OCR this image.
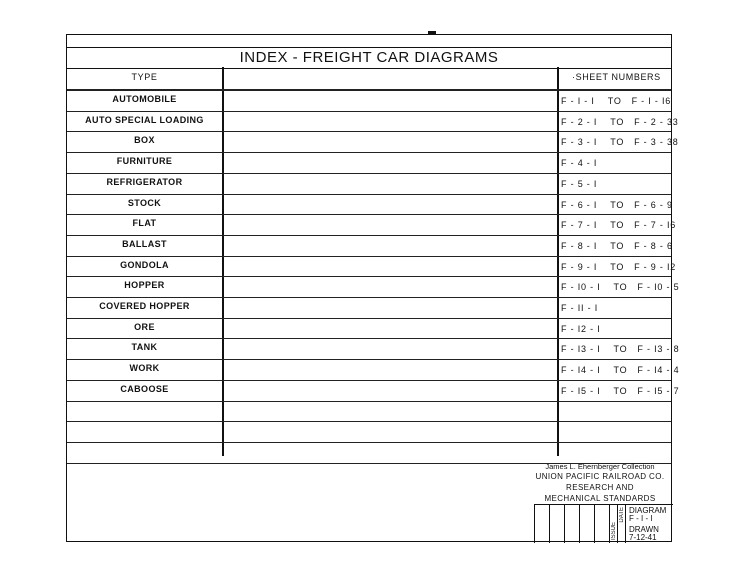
INDEX - FREIGHT CAR DIAGRAMS
TYPE	·SHEET NUMBERS
AUTOMOBILE	F - I - I    TO   F - I - I6
AUTO SPECIAL LOADING	F - 2 - I    TO   F - 2 - 33
BOX	F - 3 - I    TO   F - 3 - 38
FURNITURE	F - 4 - I
REFRIGERATOR	F - 5 - I
STOCK	F - 6 - I    TO   F - 6 - 9
FLAT	F - 7 - I    TO   F - 7 - I6
BALLAST	F - 8 - I    TO   F - 8 - 6
GONDOLA	F - 9 - I    TO   F - 9 - I2
HOPPER	F - I0 - I    TO   F - I0 - 5
COVERED HOPPER	F - II - I
ORE	F - I2 - I
TANK	F - I3 - I    TO   F - I3 - 8
WORK	F - I4 - I    TO   F - I4 - 4
CABOOSE	F - I5 - I    TO   F - I5 - 7
James L. Ehernberger Collection
UNION PACIFIC RAILROAD CO.
RESEARCH AND
MECHANICAL STANDARDS
ISSUE
DATE DIAGRAM
F - I - I
DRAWN
7-12-41
